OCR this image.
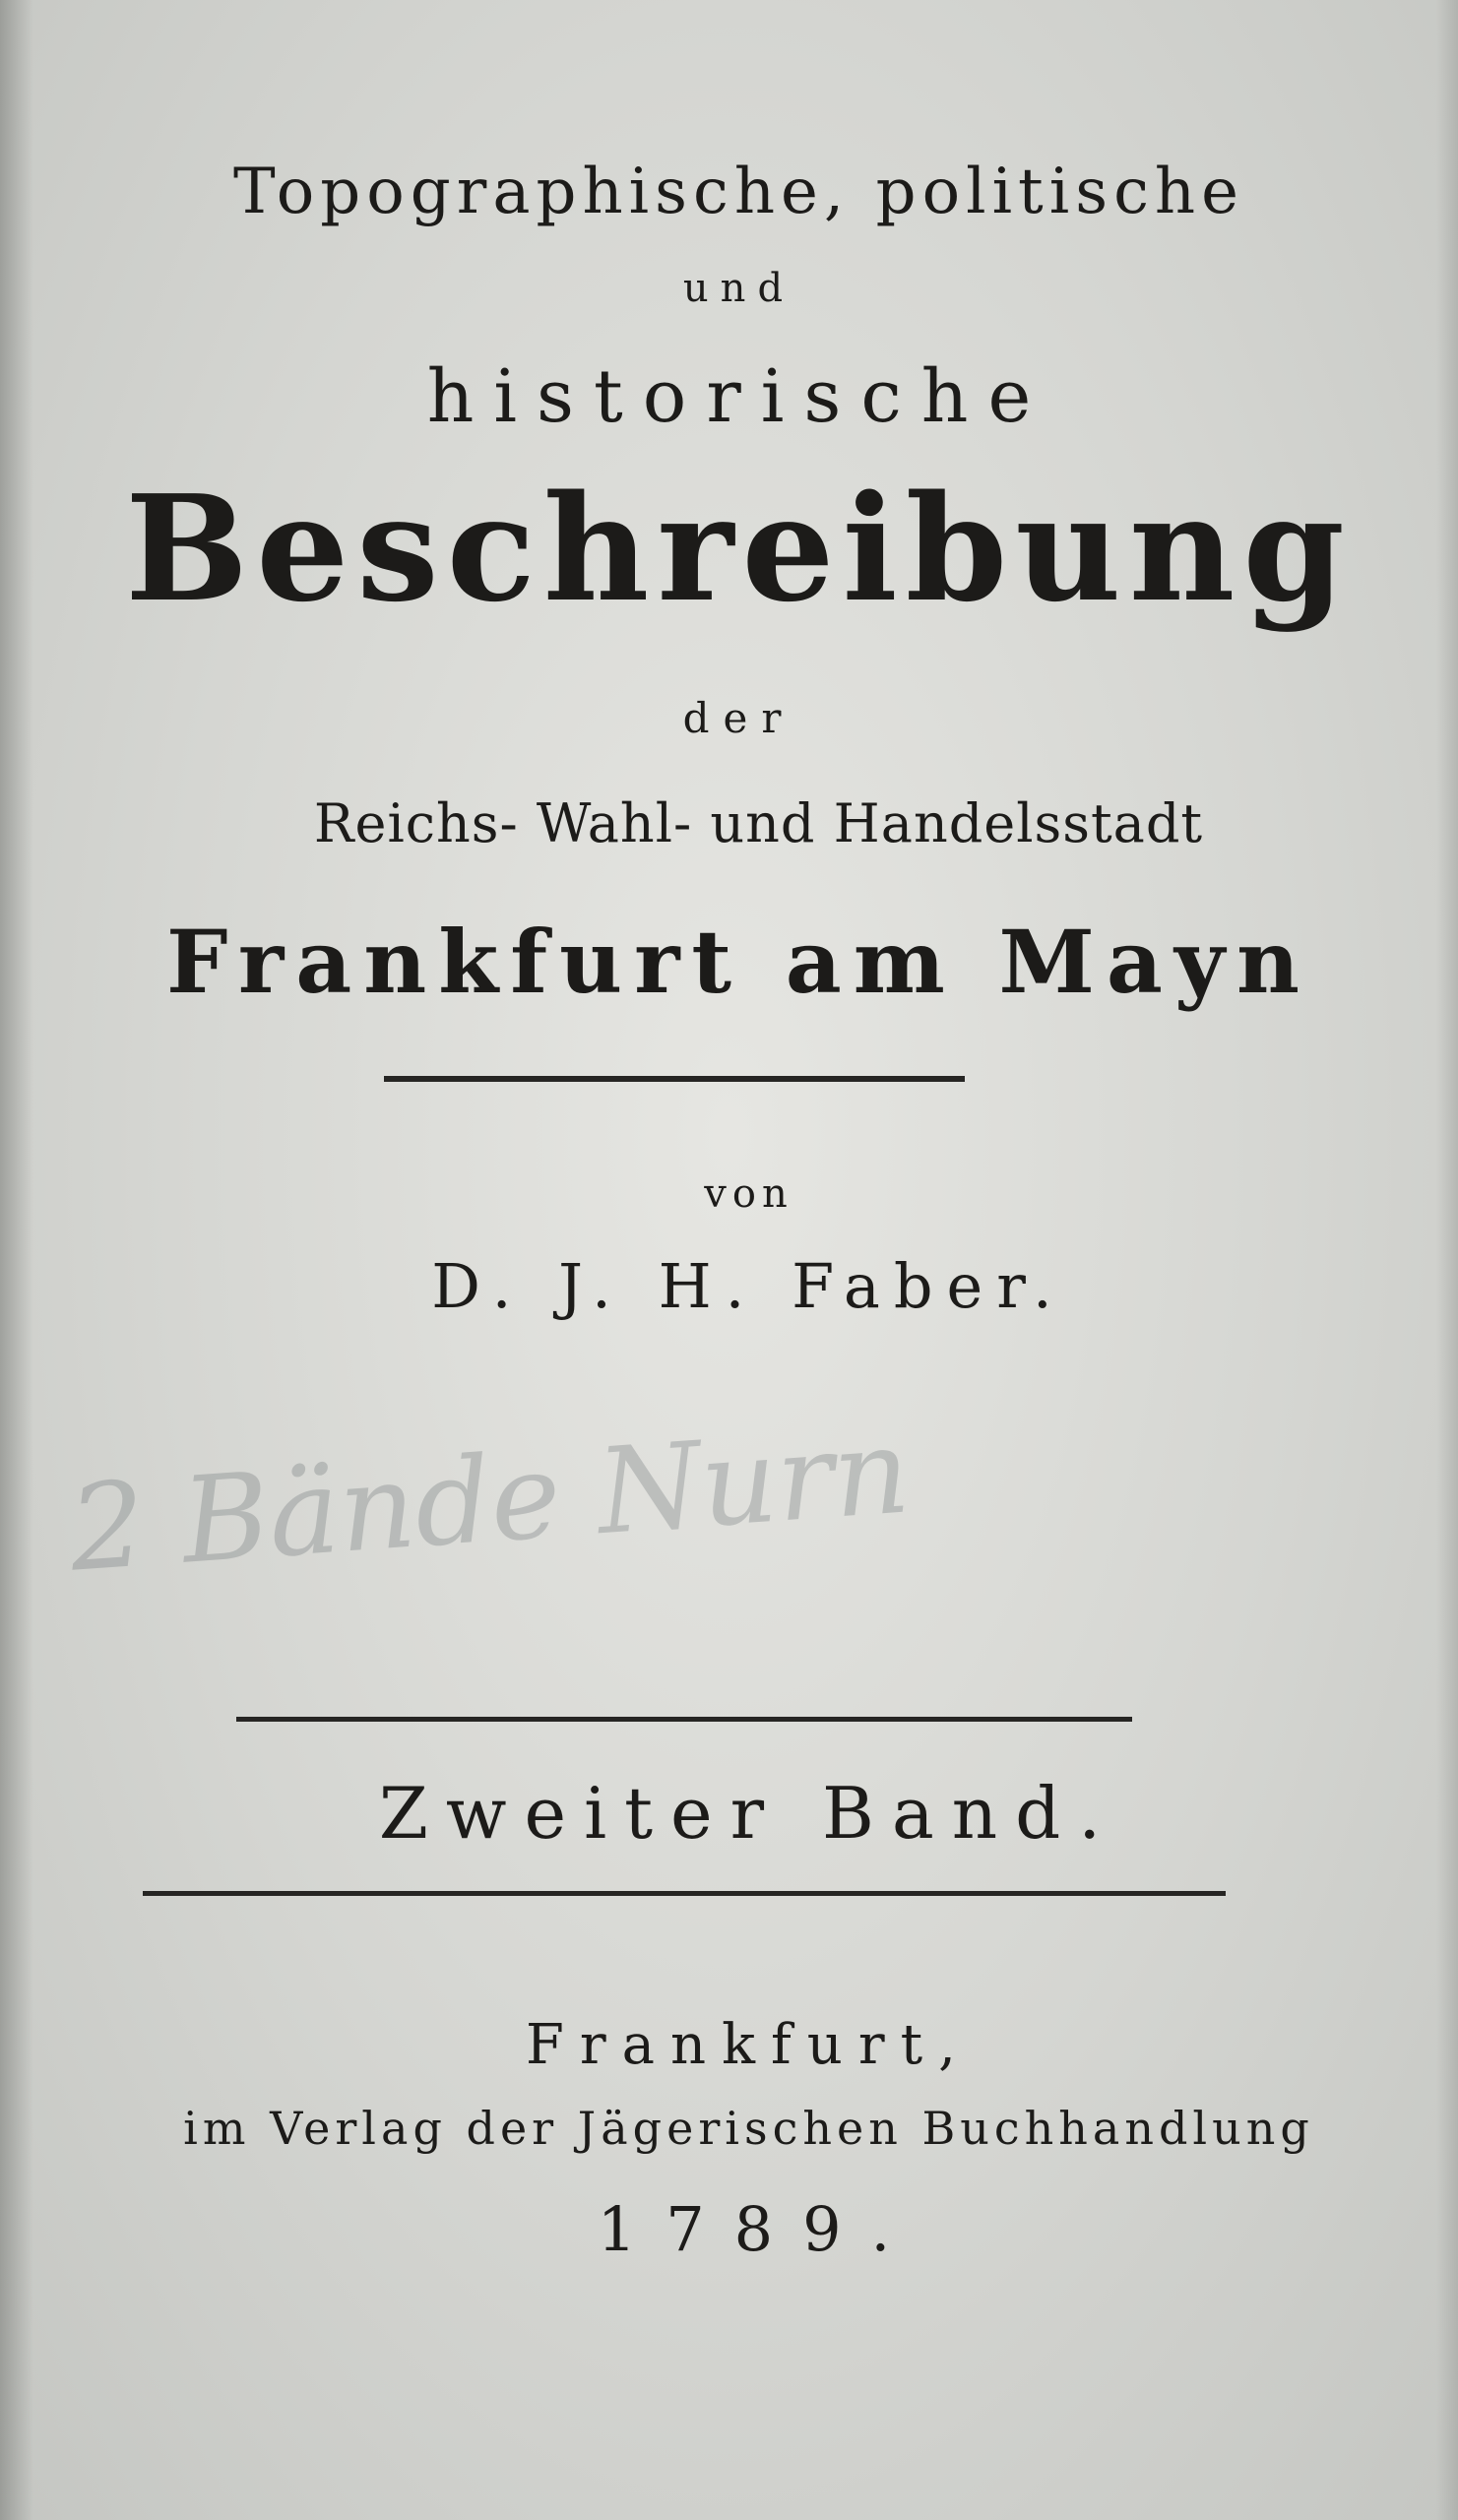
2 Bände Nurn
Topographische, politische
und
historische
Beschreibung
der
Reichs- Wahl- und Handelsstadt
Frankfurt am Mayn
von
D. J. H. Faber.
Zweiter Band.
Frankfurt,
im Verlag der Jägerischen Buchhandlung
1789.
